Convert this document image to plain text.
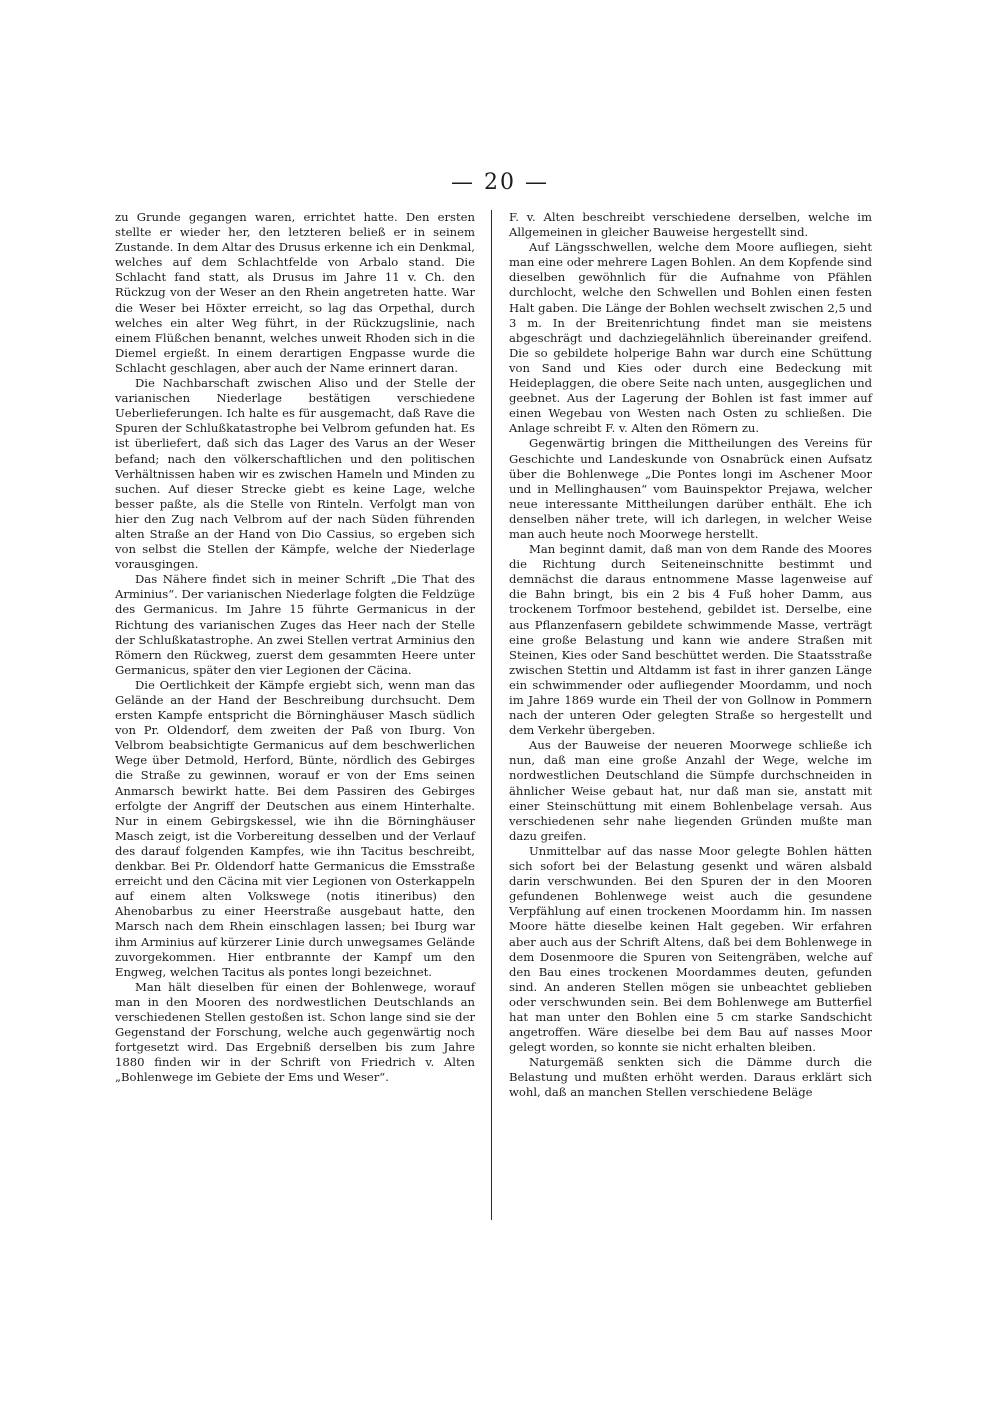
— 20 —

zu Grunde gegangen waren, errichtet hatte. Den ersten stellte er wieder her, den letzteren beließ er in seinem Zustande. In dem Altar des Drusus erkenne ich ein Denkmal, welches auf dem Schlachtfelde von Arbalo stand. Die Schlacht fand statt, als Drusus im Jahre 11 v. Ch. den Rückzug von der Weser an den Rhein angetreten hatte. War die Weser bei Höxter erreicht, so lag das Orpethal, durch welches ein alter Weg führt, in der Rückzugslinie, nach einem Flüßchen benannt, welches unweit Rhoden sich in die Diemel ergießt. In einem derartigen Engpasse wurde die Schlacht geschlagen, aber auch der Name erinnert daran.

Die Nachbarschaft zwischen Aliso und der Stelle der varianischen Niederlage bestätigen verschiedene Ueberlieferungen. Ich halte es für ausgemacht, daß Rave die Spuren der Schlußkatastrophe bei Velbrom gefunden hat. Es ist überliefert, daß sich das Lager des Varus an der Weser befand; nach den völkerschaftlichen und den politischen Verhältnissen haben wir es zwischen Hameln und Minden zu suchen. Auf dieser Strecke giebt es keine Lage, welche besser paßte, als die Stelle von Rinteln. Verfolgt man von hier den Zug nach Velbrom auf der nach Süden führenden alten Straße an der Hand von Dio Cassius, so ergeben sich von selbst die Stellen der Kämpfe, welche der Niederlage vorausgingen.

Das Nähere findet sich in meiner Schrift „Die That des Arminius“. Der varianischen Niederlage folgten die Feldzüge des Germanicus. Im Jahre 15 führte Germanicus in der Richtung des varianischen Zuges das Heer nach der Stelle der Schlußkatastrophe. An zwei Stellen vertrat Arminius den Römern den Rückweg, zuerst dem gesammten Heere unter Germanicus, später den vier Legionen der Cäcina.

Die Oertlichkeit der Kämpfe ergiebt sich, wenn man das Gelände an der Hand der Beschreibung durchsucht. Dem ersten Kampfe entspricht die Börninghäuser Masch südlich von Pr. Oldendorf, dem zweiten der Paß von Iburg. Von Velbrom beabsichtigte Germanicus auf dem beschwerlichen Wege über Detmold, Herford, Bünte, nördlich des Gebirges die Straße zu gewinnen, worauf er von der Ems seinen Anmarsch bewirkt hatte. Bei dem Passiren des Gebirges erfolgte der Angriff der Deutschen aus einem Hinterhalte. Nur in einem Gebirgskessel, wie ihn die Börninghäuser Masch zeigt, ist die Vorbereitung desselben und der Verlauf des darauf folgenden Kampfes, wie ihn Tacitus beschreibt, denkbar. Bei Pr. Oldendorf hatte Germanicus die Emsstraße erreicht und den Cäcina mit vier Legionen von Osterkappeln auf einem alten Volkswege (notis itineribus) den Ahenobarbus zu einer Heerstraße ausgebaut hatte, den Marsch nach dem Rhein einschlagen lassen; bei Iburg war ihm Arminius auf kürzerer Linie durch unwegsames Gelände zuvorgekommen. Hier entbrannte der Kampf um den Engweg, welchen Tacitus als pontes longi bezeichnet.

Man hält dieselben für einen der Bohlenwege, worauf man in den Mooren des nordwestlichen Deutschlands an verschiedenen Stellen gestoßen ist. Schon lange sind sie der Gegenstand der Forschung, welche auch gegenwärtig noch fortgesetzt wird. Das Ergebniß derselben bis zum Jahre 1880 finden wir in der Schrift von Friedrich v. Alten „Bohlenwege im Gebiete der Ems und Weser“.

F. v. Alten beschreibt verschiedene derselben, welche im Allgemeinen in gleicher Bauweise hergestellt sind.

Auf Längsschwellen, welche dem Moore aufliegen, sieht man eine oder mehrere Lagen Bohlen. An dem Kopfende sind dieselben gewöhnlich für die Aufnahme von Pfählen durchlocht, welche den Schwellen und Bohlen einen festen Halt gaben. Die Länge der Bohlen wechselt zwischen 2,5 und 3 m. In der Breitenrichtung findet man sie meistens abgeschrägt und dachziegelähnlich übereinander greifend. Die so gebildete holperige Bahn war durch eine Schüttung von Sand und Kies oder durch eine Bedeckung mit Heideplaggen, die obere Seite nach unten, ausgeglichen und geebnet. Aus der Lagerung der Bohlen ist fast immer auf einen Wegebau von Westen nach Osten zu schließen. Die Anlage schreibt F. v. Alten den Römern zu.

Gegenwärtig bringen die Mittheilungen des Vereins für Geschichte und Landeskunde von Osnabrück einen Aufsatz über die Bohlenwege „Die Pontes longi im Aschener Moor und in Mellinghausen“ vom Bauinspektor Prejawa, welcher neue interessante Mittheilungen darüber enthält. Ehe ich denselben näher trete, will ich darlegen, in welcher Weise man auch heute noch Moorwege herstellt.

Man beginnt damit, daß man von dem Rande des Moores die Richtung durch Seiteneinschnitte bestimmt und demnächst die daraus entnommene Masse lagenweise auf die Bahn bringt, bis ein 2 bis 4 Fuß hoher Damm, aus trockenem Torfmoor bestehend, gebildet ist. Derselbe, eine aus Pflanzenfasern gebildete schwimmende Masse, verträgt eine große Belastung und kann wie andere Straßen mit Steinen, Kies oder Sand beschüttet werden. Die Staatsstraße zwischen Stettin und Altdamm ist fast in ihrer ganzen Länge ein schwimmender oder aufliegender Moordamm, und noch im Jahre 1869 wurde ein Theil der von Gollnow in Pommern nach der unteren Oder gelegten Straße so hergestellt und dem Verkehr übergeben.

Aus der Bauweise der neueren Moorwege schließe ich nun, daß man eine große Anzahl der Wege, welche im nordwestlichen Deutschland die Sümpfe durchschneiden in ähnlicher Weise gebaut hat, nur daß man sie, anstatt mit einer Steinschüttung mit einem Bohlenbelage versah. Aus verschiedenen sehr nahe liegenden Gründen mußte man dazu greifen.

Unmittelbar auf das nasse Moor gelegte Bohlen hätten sich sofort bei der Belastung gesenkt und wären alsbald darin verschwunden. Bei den Spuren der in den Mooren gefundenen Bohlenwege weist auch die gesundene Verpfählung auf einen trockenen Moordamm hin. Im nassen Moore hätte dieselbe keinen Halt gegeben. Wir erfahren aber auch aus der Schrift Altens, daß bei dem Bohlenwege in dem Dosenmoore die Spuren von Seitengräben, welche auf den Bau eines trockenen Moordammes deuten, gefunden sind. An anderen Stellen mögen sie unbeachtet geblieben oder verschwunden sein. Bei dem Bohlenwege am Butterfiel hat man unter den Bohlen eine 5 cm starke Sandschicht angetroffen. Wäre dieselbe bei dem Bau auf nasses Moor gelegt worden, so konnte sie nicht erhalten bleiben.

Naturgemäß senkten sich die Dämme durch die Belastung und mußten erhöht werden. Daraus erklärt sich wohl, daß an manchen Stellen verschiedene Beläge
